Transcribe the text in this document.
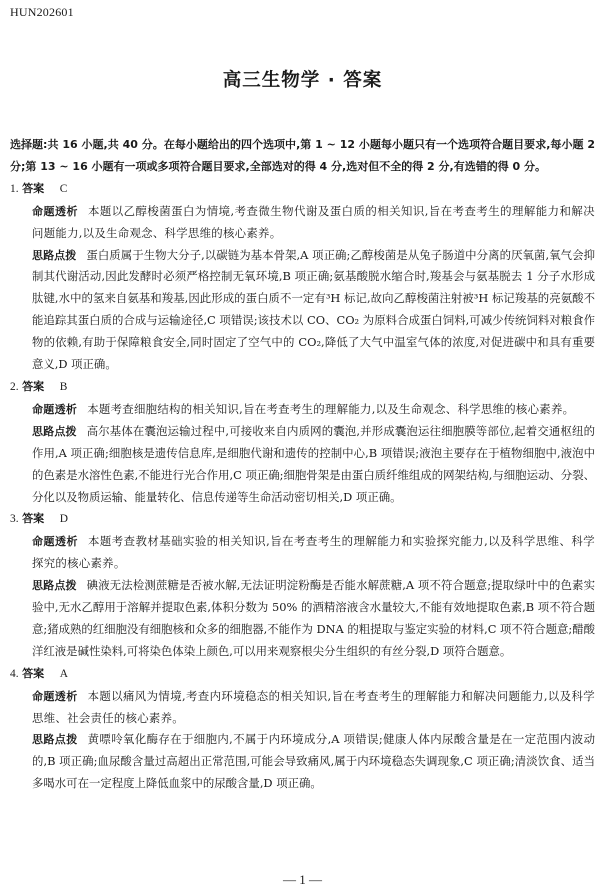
HUN202601
高三生物学 · 答案

选择题:共 16 小题,共 40 分。在每小题给出的四个选项中,第 1 ~ 12 小题每小题只有一个选项符合题目要求,每小题 2 分;第 13 ~ 16 小题有一项或多项符合题目要求,全部选对的得 4 分,选对但不全的得 2 分,有选错的得 0 分。

1. 答案 C

命题透析 本题以乙醇梭菌蛋白为情境,考查微生物代谢及蛋白质的相关知识,旨在考查考生的理解能力和解决问题能力,以及生命观念、科学思维的核心素养。

思路点拨 蛋白质属于生物大分子,以碳链为基本骨架,A 项正确;乙醇梭菌是从兔子肠道中分离的厌氧菌,氧气会抑制其代谢活动,因此发酵时必须严格控制无氧环境,B 项正确;氨基酸脱水缩合时,羧基会与氨基脱去 1 分子水形成肽键,水中的氢来自氨基和羧基,因此形成的蛋白质不一定有³H 标记,故向乙醇梭菌注射被³H 标记羧基的亮氨酸不能追踪其蛋白质的合成与运输途径,C 项错误;该技术以 CO、CO₂ 为原料合成蛋白饲料,可减少传统饲料对粮食作物的依赖,有助于保障粮食安全,同时固定了空气中的 CO₂,降低了大气中温室气体的浓度,对促进碳中和具有重要意义,D 项正确。

2. 答案 B

命题透析 本题考查细胞结构的相关知识,旨在考查考生的理解能力,以及生命观念、科学思维的核心素养。

思路点拨 高尔基体在囊泡运输过程中,可接收来自内质网的囊泡,并形成囊泡运往细胞膜等部位,起着交通枢纽的作用,A 项正确;细胞核是遗传信息库,是细胞代谢和遗传的控制中心,B 项错误;液泡主要存在于植物细胞中,液泡中的色素是水溶性色素,不能进行光合作用,C 项正确;细胞骨架是由蛋白质纤维组成的网架结构,与细胞运动、分裂、分化以及物质运输、能量转化、信息传递等生命活动密切相关,D 项正确。

3. 答案 D

命题透析 本题考查教材基础实验的相关知识,旨在考查考生的理解能力和实验探究能力,以及科学思维、科学探究的核心素养。

思路点拨 碘液无法检测蔗糖是否被水解,无法证明淀粉酶是否能水解蔗糖,A 项不符合题意;提取绿叶中的色素实验中,无水乙醇用于溶解并提取色素,体积分数为 50% 的酒精溶液含水量较大,不能有效地提取色素,B 项不符合题意;猪成熟的红细胞没有细胞核和众多的细胞器,不能作为 DNA 的粗提取与鉴定实验的材料,C 项不符合题意;醋酸洋红液是碱性染料,可将染色体染上颜色,可以用来观察根尖分生组织的有丝分裂,D 项符合题意。

4. 答案 A

命题透析 本题以痛风为情境,考查内环境稳态的相关知识,旨在考查考生的理解能力和解决问题能力,以及科学思维、社会责任的核心素养。

思路点拨 黄嘌呤氧化酶存在于细胞内,不属于内环境成分,A 项错误;健康人体内尿酸含量是在一定范围内波动的,B 项正确;血尿酸含量过高超出正常范围,可能会导致痛风,属于内环境稳态失调现象,C 项正确;清淡饮食、适当多喝水可在一定程度上降低血浆中的尿酸含量,D 项正确。

— 1 —
